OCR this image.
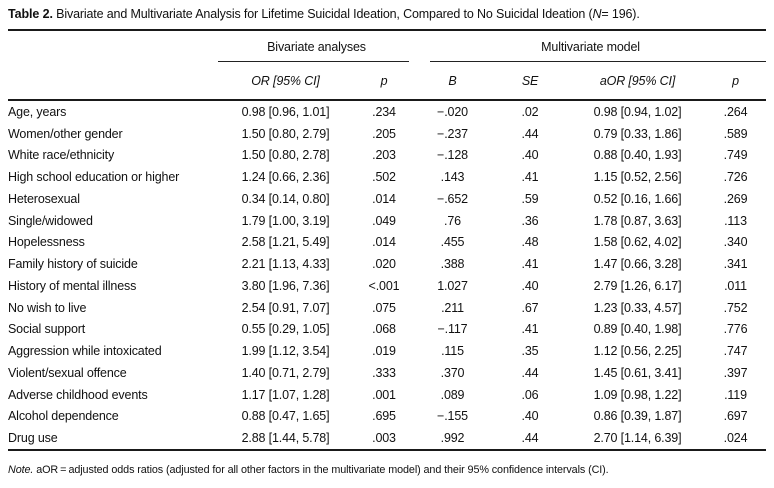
Table 2. Bivariate and Multivariate Analysis for Lifetime Suicidal Ideation, Compared to No Suicidal Ideation (N= 196).
	Bivariate analyses		Multivariate model			
	OR [95% CI]	p	B	SE	aOR [95% CI]	p
Age, years	0.98 [0.96, 1.01]	.234	−.020	.02	0.98 [0.94, 1.02]	.264
Women/other gender	1.50 [0.80, 2.79]	.205	−.237	.44	0.79 [0.33, 1.86]	.589
White race/ethnicity	1.50 [0.80, 2.78]	.203	−.128	.40	0.88 [0.40, 1.93]	.749
High school education or higher	1.24 [0.66, 2.36]	.502	.143	.41	1.15 [0.52, 2.56]	.726
Heterosexual	0.34 [0.14, 0.80]	.014	−.652	.59	0.52 [0.16, 1.66]	.269
Single/widowed	1.79 [1.00, 3.19]	.049	.76	.36	1.78 [0.87, 3.63]	.113
Hopelessness	2.58 [1.21, 5.49]	.014	.455	.48	1.58 [0.62, 4.02]	.340
Family history of suicide	2.21 [1.13, 4.33]	.020	.388	.41	1.47 [0.66, 3.28]	.341
History of mental illness	3.80 [1.96, 7.36]	<.001	1.027	.40	2.79 [1.26, 6.17]	.011
No wish to live	2.54 [0.91, 7.07]	.075	.211	.67	1.23 [0.33, 4.57]	.752
Social support	0.55 [0.29, 1.05]	.068	−.117	.41	0.89 [0.40, 1.98]	.776
Aggression while intoxicated	1.99 [1.12, 3.54]	.019	.115	.35	1.12 [0.56, 2.25]	.747
Violent/sexual offence	1.40 [0.71, 2.79]	.333	.370	.44	1.45 [0.61, 3.41]	.397
Adverse childhood events	1.17 [1.07, 1.28]	.001	.089	.06	1.09 [0.98, 1.22]	.119
Alcohol dependence	0.88 [0.47, 1.65]	.695	−.155	.40	0.86 [0.39, 1.87]	.697
Drug use	2.88 [1.44, 5.78]	.003	.992	.44	2.70 [1.14, 6.39]	.024
Note. aOR = adjusted odds ratios (adjusted for all other factors in the multivariate model) and their 95% confidence intervals (CI).
